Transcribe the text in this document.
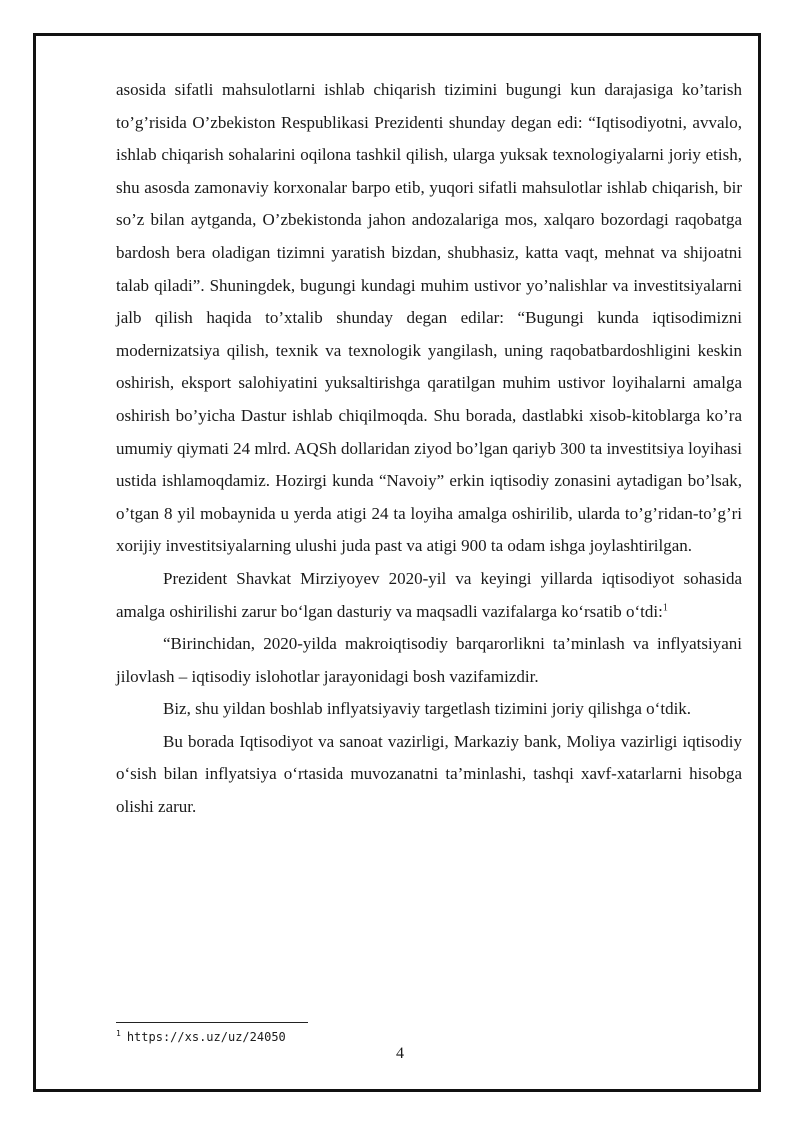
asosida sifatli mahsulotlarni ishlab chiqarish tizimini bugungi kun darajasiga ko’tarish to’g’risida O’zbekiston Respublikasi Prezidenti shunday degan edi: “Iqtisodiyotni, avvalo, ishlab chiqarish sohalarini oqilona tashkil qilish, ularga yuksak texnologiyalarni joriy etish, shu asosda zamonaviy korxonalar barpo etib, yuqori sifatli mahsulotlar ishlab chiqarish, bir so’z bilan aytganda, O’zbekistonda jahon andozalariga mos, xalqaro bozordagi raqobatga bardosh bera oladigan tizimni yaratish bizdan, shubhasiz, katta vaqt, mehnat va shijoatni talab qiladi”. Shuningdek, bugungi kundagi muhim ustivor yo’nalishlar va investitsiyalarni jalb qilish haqida to’xtalib shunday degan edilar: “Bugungi kunda iqtisodimizni modernizatsiya qilish, texnik va texnologik yangilash, uning raqobatbardoshligini keskin oshirish, eksport salohiyatini yuksaltirishga qaratilgan muhim ustivor loyihalarni amalga oshirish bo’yicha Dastur ishlab chiqilmoqda. Shu borada, dastlabki xisob-kitoblarga ko’ra umumiy qiymati 24 mlrd. AQSh dollaridan ziyod bo’lgan qariyb 300 ta investitsiya loyihasi ustida ishlamoqdamiz. Hozirgi kunda “Navoiy” erkin iqtisodiy zonasini aytadigan bo’lsak, o’tgan 8 yil mobaynida u yerda atigi 24 ta loyiha amalga oshirilib, ularda to’g’ridan-to’g’ri xorijiy investitsiyalarning ulushi juda past va atigi 900 ta odam ishga joylashtirilgan.

Prezident Shavkat Mirziyoyev 2020-yil va keyingi yillarda iqtisodiyot sohasida amalga oshirilishi zarur bo‘lgan dasturiy va maqsadli vazifalarga ko‘rsatib o‘tdi:$^1$

“Birinchidan, 2020-yilda makroiqtisodiy barqarorlikni ta’minlash va inflyatsiyani jilovlash – iqtisodiy islohotlar jarayonidagi bosh vazifamizdir.

Biz, shu yildan boshlab inflyatsiyaviy targetlash tizimini joriy qilishga o‘tdik.

Bu borada Iqtisodiyot va sanoat vazirligi, Markaziy bank, Moliya vazirligi iqtisodiy o‘sish bilan inflyatsiya o‘rtasida muvozanatni ta’minlashi, tashqi xavf-xatarlarni hisobga olishi zarur.

$^1$ https://xs.uz/uz/24050
4
